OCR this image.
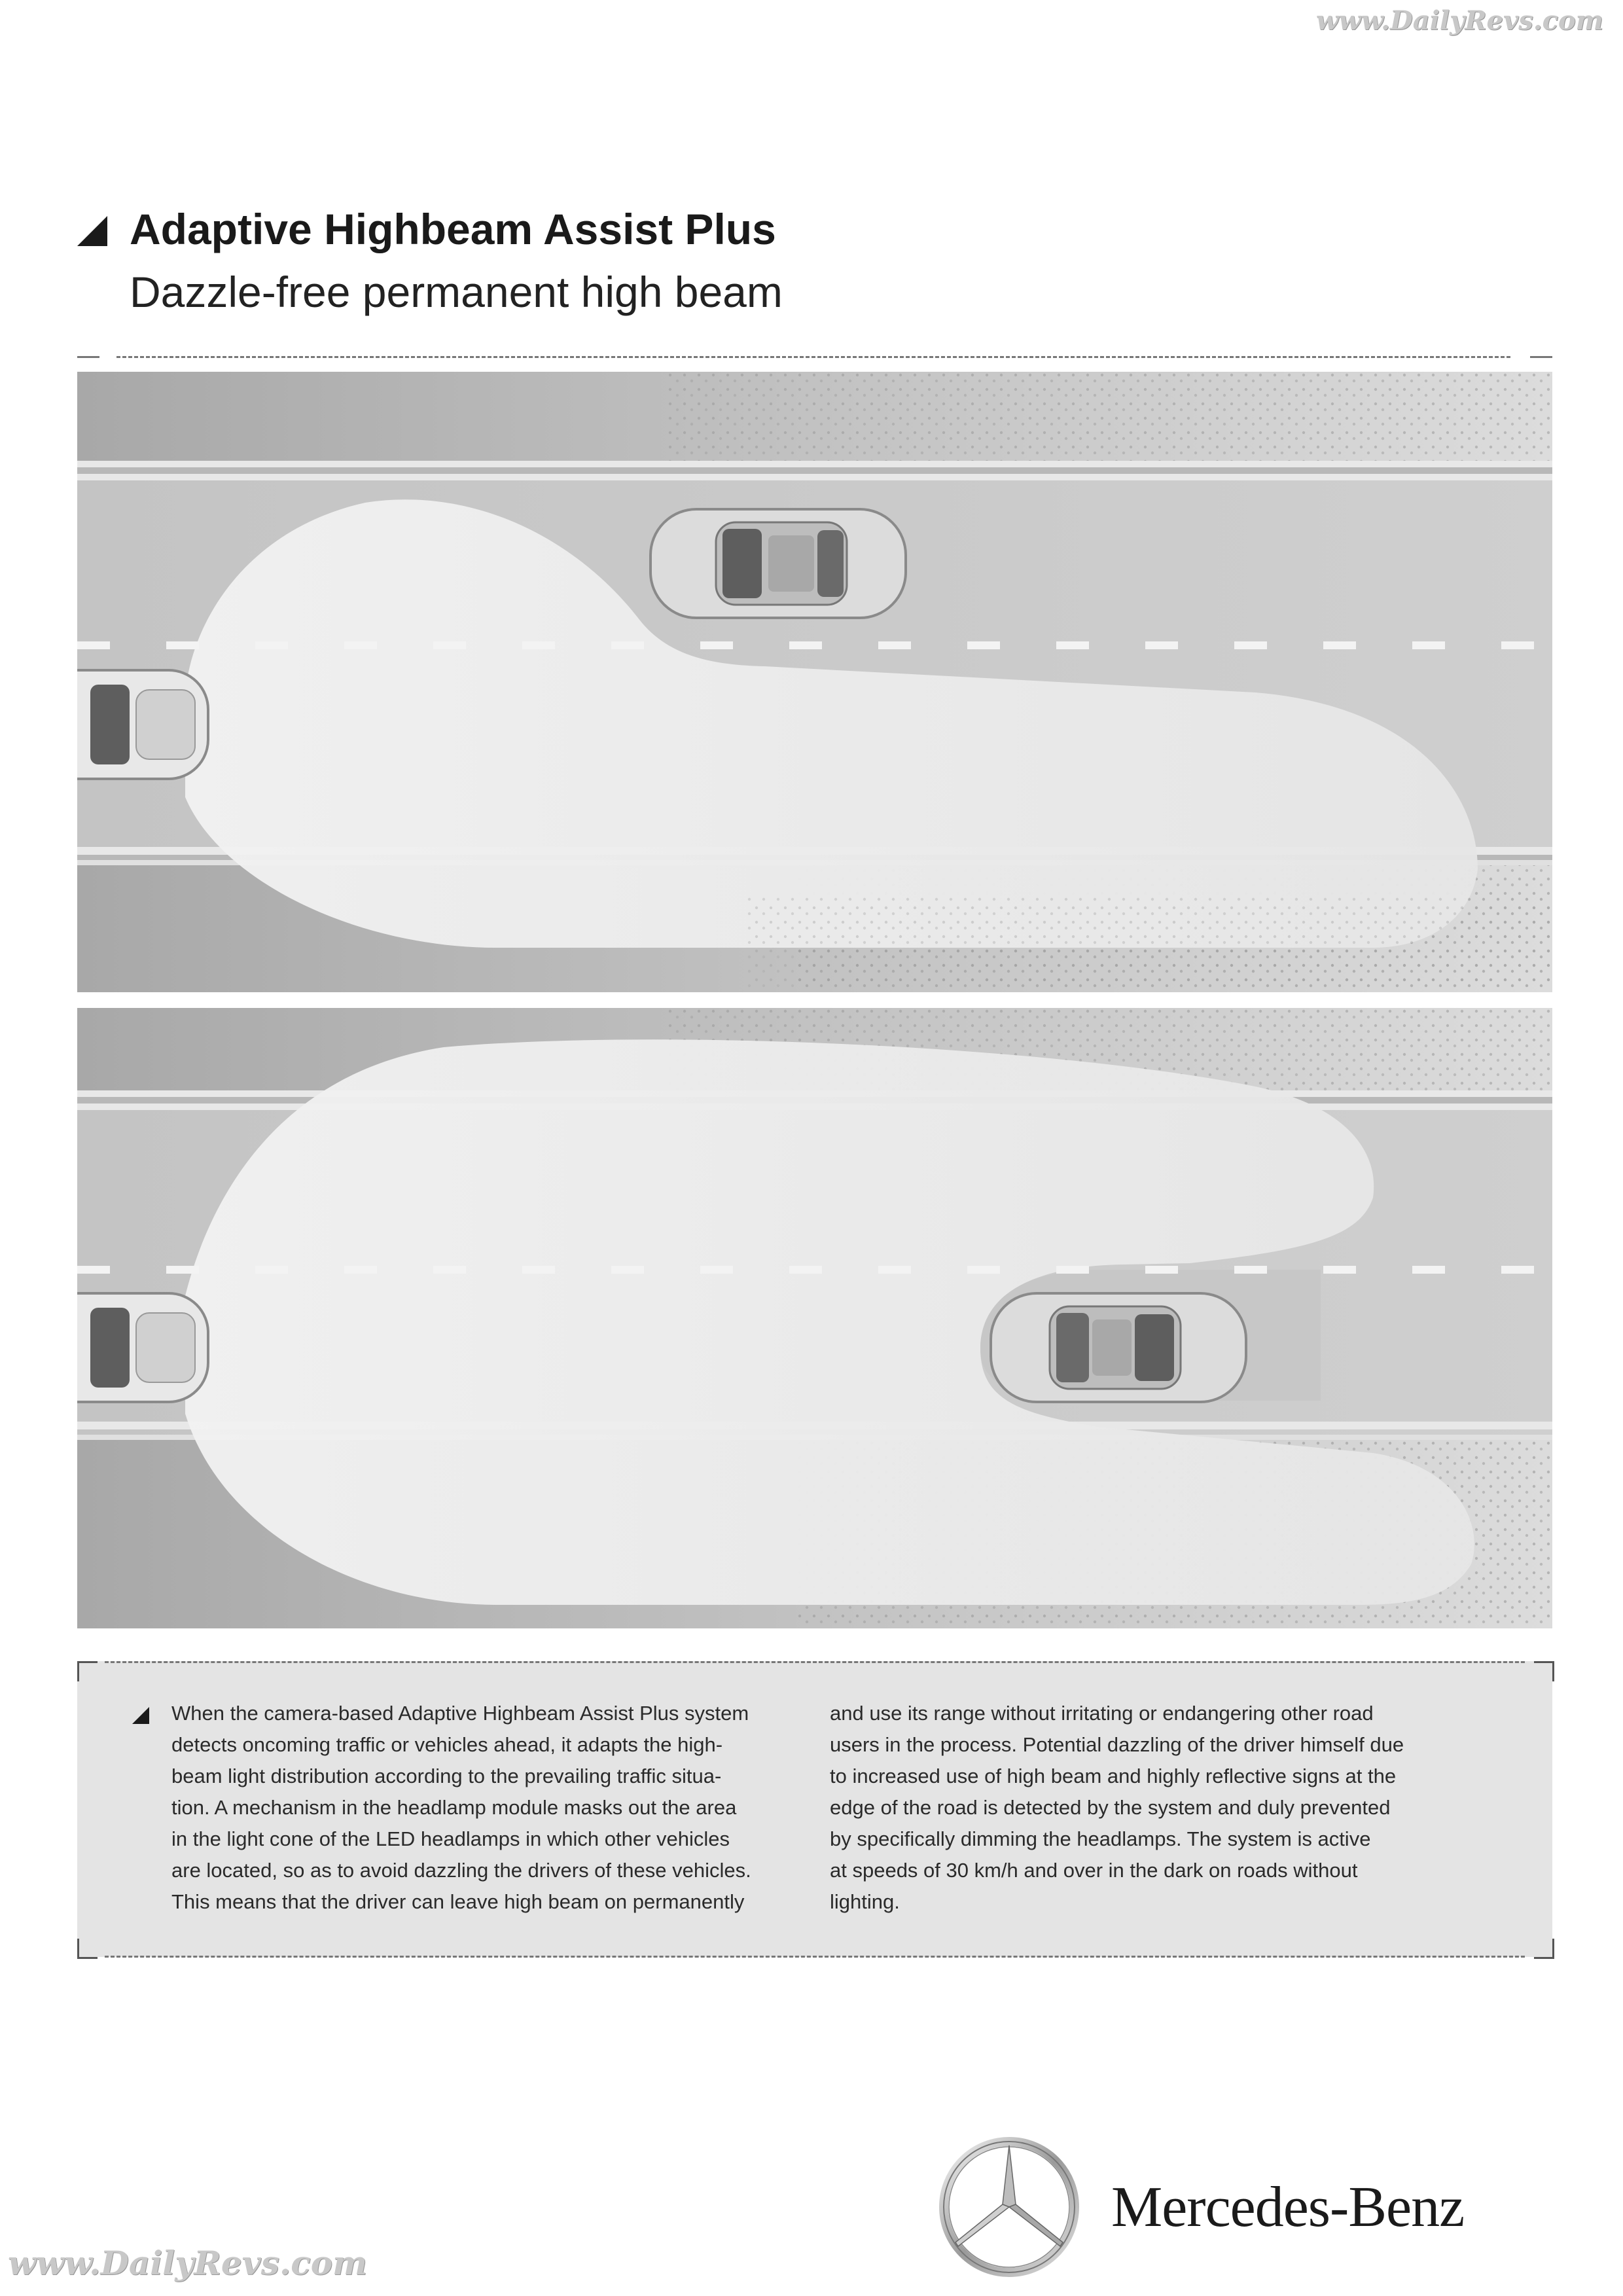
www.DailyRevs.com
Adaptive Highbeam Assist Plus
Dazzle-free permanent high beam

When the camera-based Adaptive Highbeam Assist Plus system

detects oncoming traffic or vehicles ahead, it adapts the high-

beam light distribution according to the prevailing traffic situa-

tion. A mechanism in the headlamp module masks out the area

in the light cone of the LED headlamps in which other vehicles

are located, so as to avoid dazzling the drivers of these vehicles.

This means that the driver can leave high beam on permanently

and use its range without irritating or endangering other road

users in the process. Potential dazzling of the driver himself due

to increased use of high beam and highly reflective signs at the

edge of the road is detected by the system and duly prevented

by specifically dimming the headlamps. The system is active

at speeds of 30 km/h and over in the dark on roads without

lighting.

Mercedes-Benz
www.DailyRevs.com
